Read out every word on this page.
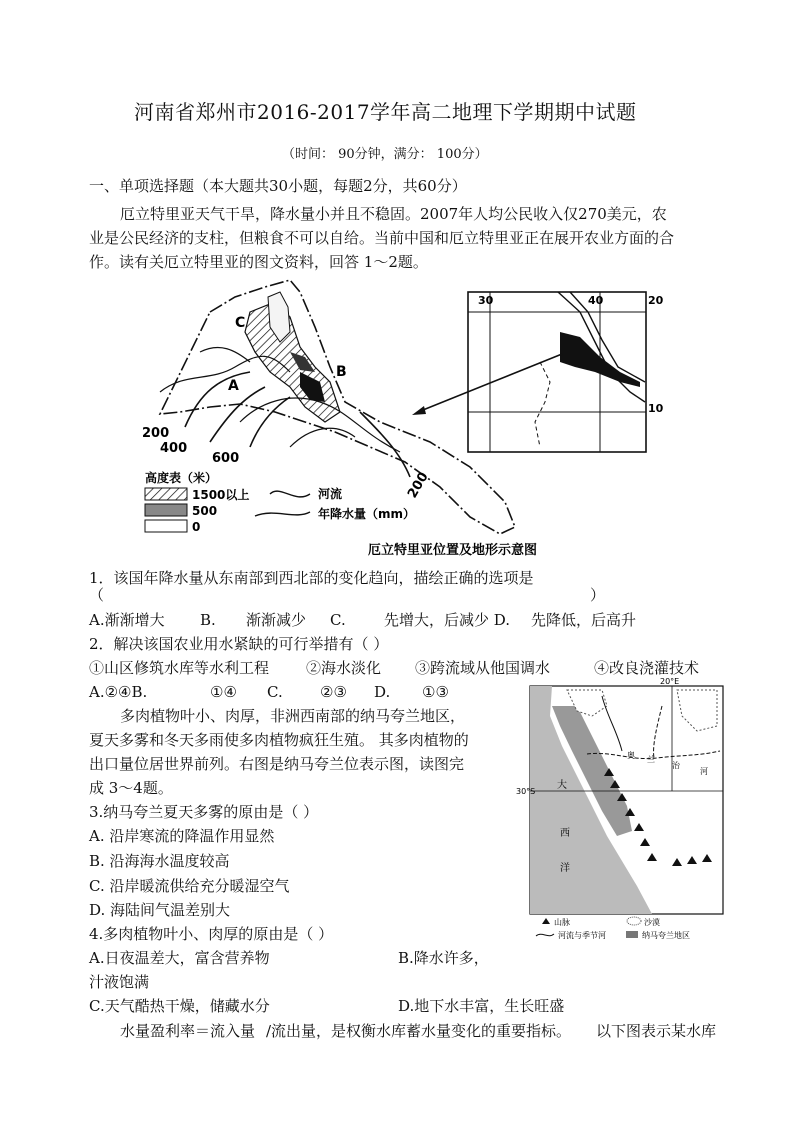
河南省郑州市2016-2017学年高二地理下学期期中试题
（时间： 90分钟，满分： 100分）
一、单项选择题（本大题共30小题，每题2分，共60分）
厄立特里亚天气干旱，降水量小并且不稳固。2007年人均公民收入仅270美元，农
业是公民经济的支柱，但粮食不可以自给。当前中国和厄立特里亚正在展开农业方面的合
作。读有关厄立特里亚的图文资料，回答 1～2题。
C
A
B
200
400
600
200
30	40	20
10
高度表（米）
1500以上
500
0
河流
年降水量（mm）
厄立特里亚位置及地形示意图
1．该国年降水量从东南部到西北部的变化趋向，描绘正确的选项是
（	）
A.渐渐增大 B. 渐渐减少 C.	先增大，后减少 D. 先降低，后高升
2．解决该国农业用水紧缺的可行举措有（ ）
①山区修筑水库等水利工程 ②海水淡化 ③跨流域从他国调水	④改良浇灌技术
A.②④B.	①④ C. ②③ D. ①③
多肉植物叶小、肉厚，非洲西南部的纳马夸兰地区，
夏天多雾和冬天多雨使多肉植物疯狂生殖。 其多肉植物的
出口量位居世界前列。右图是纳马夸兰位表示图，读图完
成 3～4题。
20°E
30°S
大
西
洋
奥 兰
治
河
山脉	沙漠
河流与季节河	纳马夸兰地区
3.纳马夸兰夏天多雾的原由是（ ）
A. 沿岸寒流的降温作用显然
B. 沿海海水温度较高
C. 沿岸暖流供给充分暖湿空气
D. 海陆间气温差别大
4.多肉植物叶小、肉厚的原由是（ ）
A.日夜温差大，富含营养物	B.降水许多，
汁液饱满
C.天气酷热干燥，储藏水分	D.地下水丰富，生长旺盛
水量盈利率＝流入量 /流出量，是权衡水库蓄水量变化的重要指标。 以下图表示某水库
